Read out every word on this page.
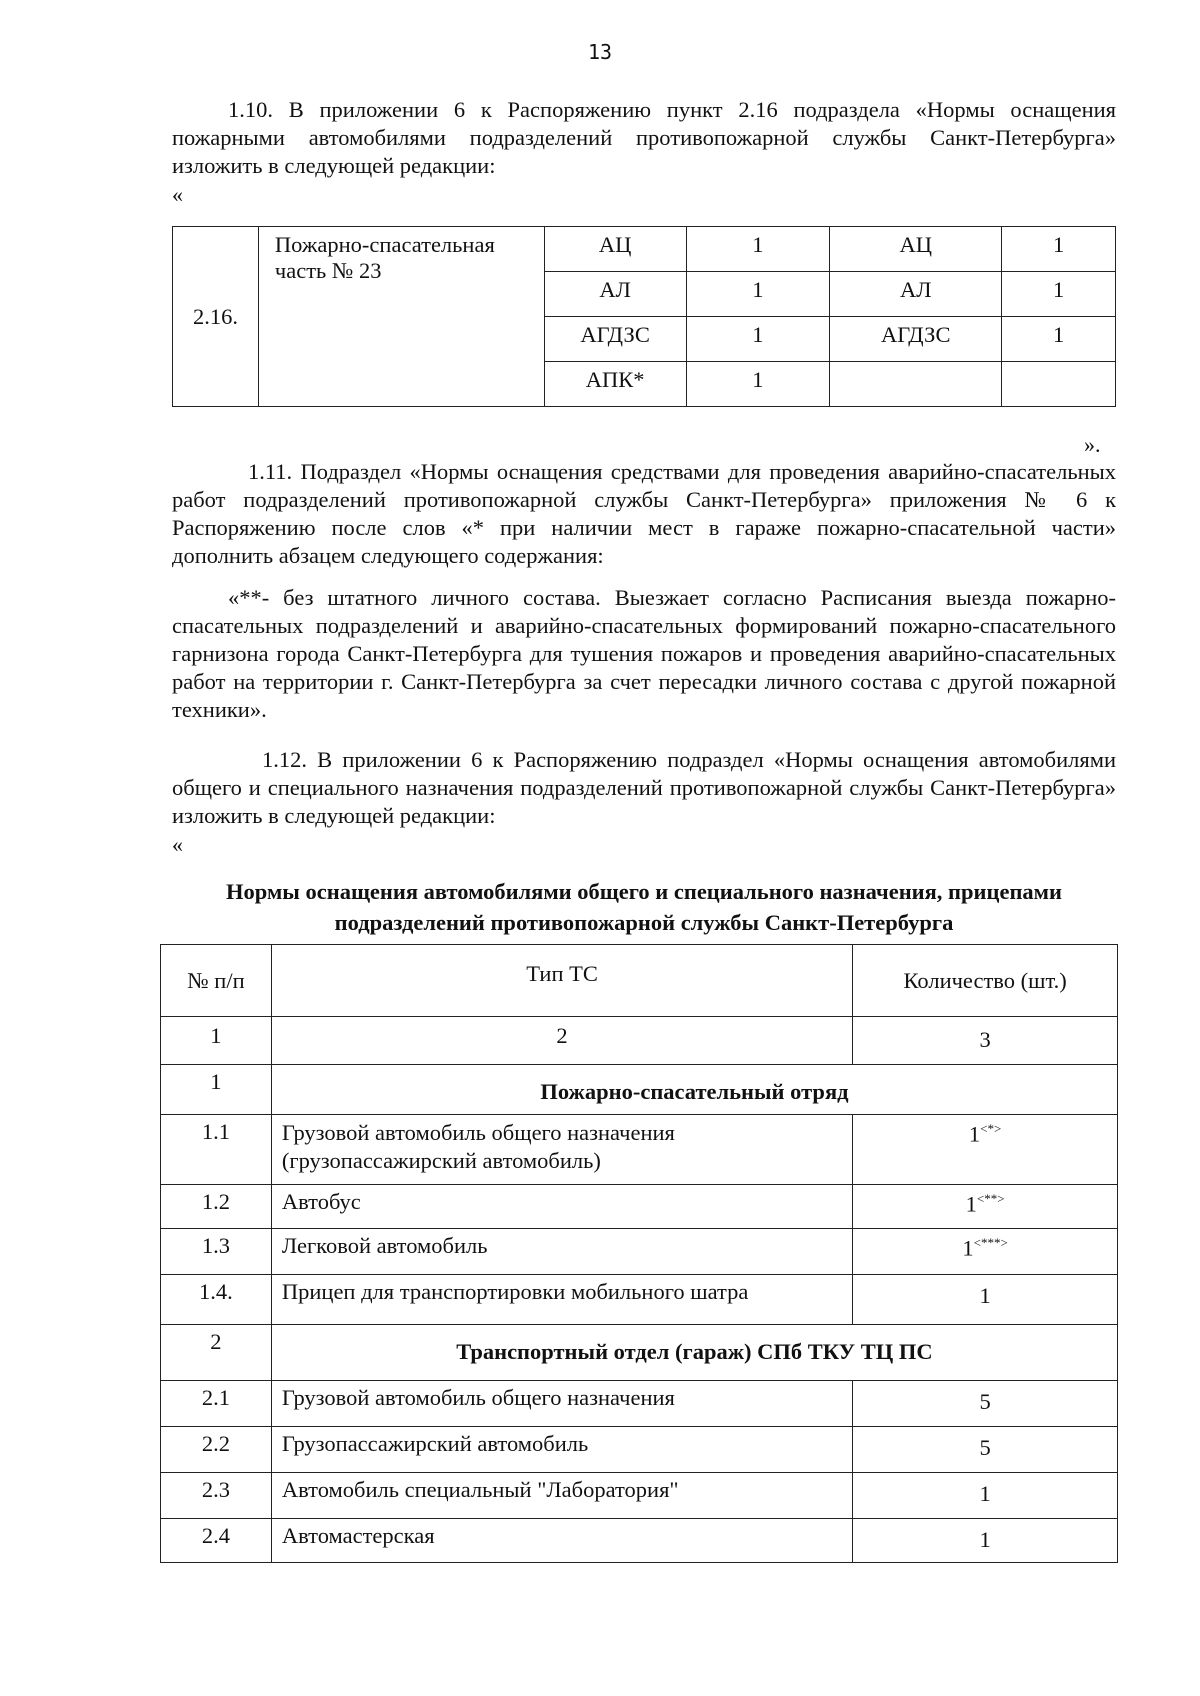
13

1.10. В приложении 6 к Распоряжению пункт 2.16 подраздела «Нормы оснащения пожарными автомобилями подразделений противопожарной службы Санкт-Петербурга» изложить в следующей редакции:

«
2.16.	Пожарно-спасательная часть № 23	АЦ	1	АЦ	1
		АЛ	1	АЛ	1
		АГДЗС	1	АГДЗС	1
		АПК*	1		
».

1.11. Подраздел «Нормы оснащения средствами для проведения аварийно-спасательных работ подразделений противопожарной службы Санкт-Петербурга» приложения № 6 к Распоряжению после слов «* при наличии мест в гараже пожарно-спасательной части» дополнить абзацем следующего содержания:

«**- без штатного личного состава. Выезжает согласно Расписания выезда пожарно-спасательных подразделений и аварийно-спасательных формирований пожарно-спасательного гарнизона города Санкт-Петербурга для тушения пожаров и проведения аварийно-спасательных работ на территории г. Санкт-Петербурга за счет пересадки личного состава с другой пожарной техники».

1.12. В приложении 6 к Распоряжению подраздел «Нормы оснащения автомобилями общего и специального назначения подразделений противопожарной службы Санкт-Петербурга» изложить в следующей редакции:

«
Нормы оснащения автомобилями общего и специального назначения, прицепами
подразделений противопожарной службы Санкт-Петербурга
№ п/п	Тип ТС	Количество (шт.)
1	2	3
1	Пожарно-спасательный отряд	
1.1	Грузовой автомобиль общего назначения (грузопассажирский автомобиль)	1<*>
1.2	Автобус	1<**>
1.3	Легковой автомобиль	1<***>
1.4.	Прицеп для транспортировки мобильного шатра	1
2	Транспортный отдел (гараж) СПб ТКУ ТЦ ПС	
2.1	Грузовой автомобиль общего назначения	5
2.2	Грузопассажирский автомобиль	5
2.3	Автомобиль специальный "Лаборатория"	1
2.4	Автомастерская	1
